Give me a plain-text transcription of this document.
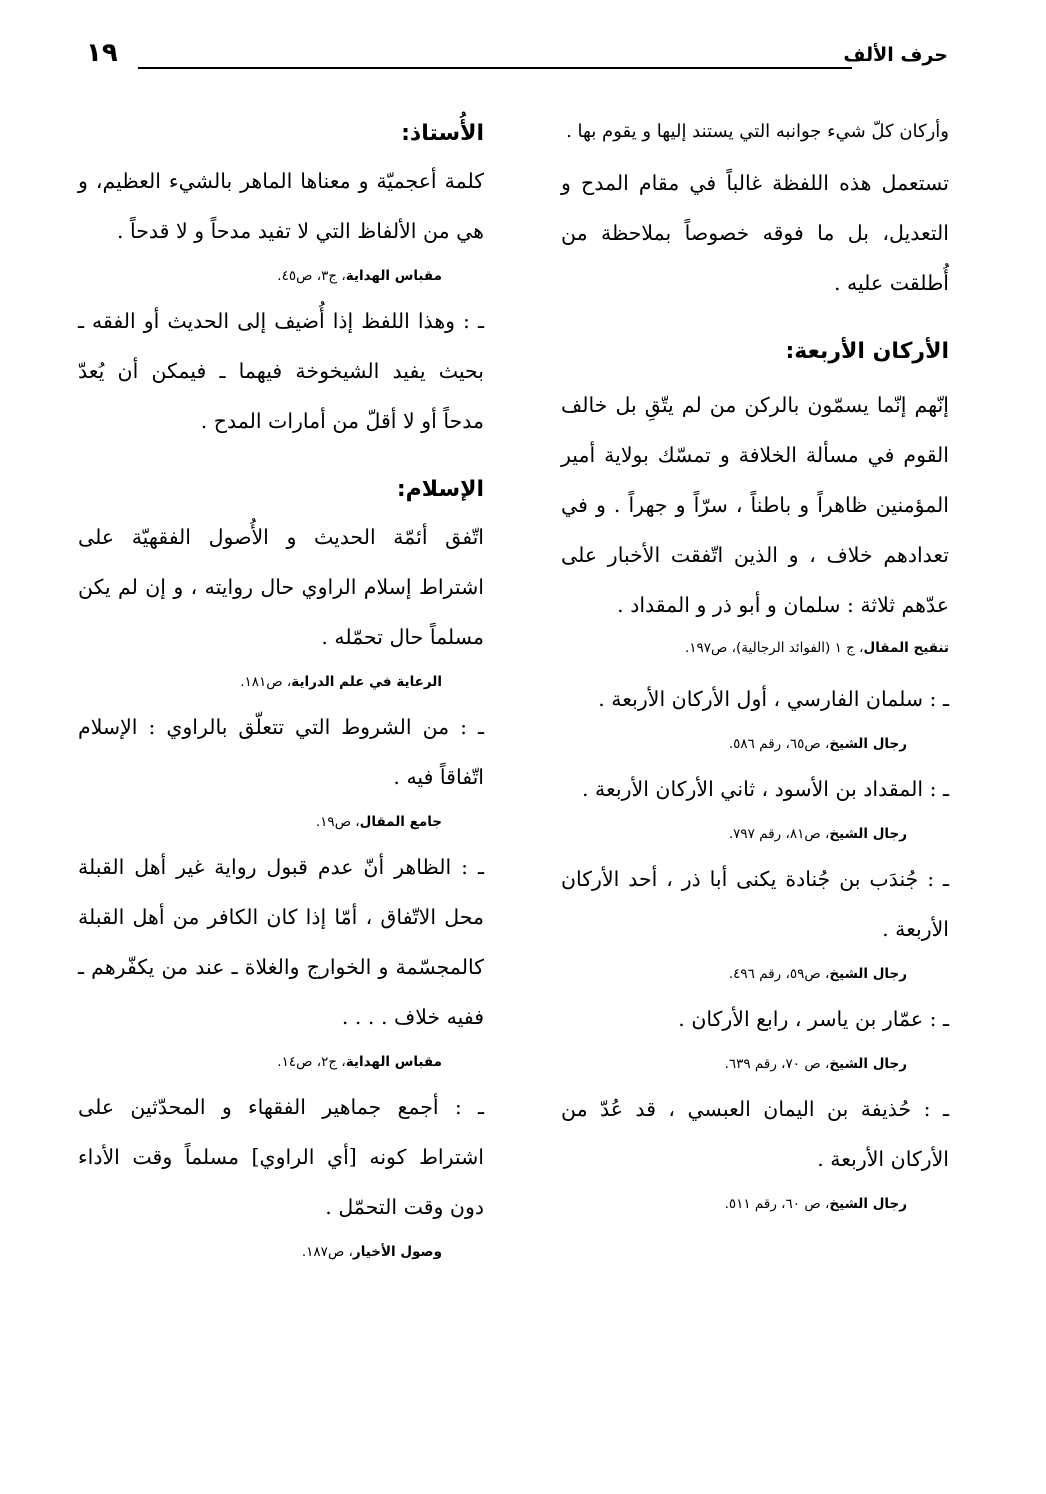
حرف الألف
١٩

وأركان كلّ شيء جوانبه التي يستند إليها و يقوم بها .

تستعمل هذه اللفظة غالباً في مقام المدح و التعديل، بل ما فوقه خصوصاً بملاحظة من أُطلقت عليه .

الأركان الأربعة:

إنّهم إنّما يسمّون بالركن من لم يتّقِ بل خالف القوم في مسألة الخلافة و تمسّك بولاية أمير المؤمنين ظاهراً و باطناً ، سرّاً و جهراً . و في تعدادهم خلاف ، و الذين اتّفقت الأخبار على عدّهم ثلاثة : سلمان و أبو ذر و المقداد .

تنقيح المقال، ج ١ (الفوائد الرجالية)، ص١٩٧.

ـ : سلمان الفارسي ، أول الأركان الأربعة .

رجال الشيخ، ص٦٥، رقم ٥٨٦.

ـ : المقداد بن الأسود ، ثاني الأركان الأربعة .

رجال الشيخ، ص٨١، رقم ٧٩٧.

ـ : جُندَب بن جُنادة يكنى أبا ذر ، أحد الأركان الأربعة .

رجال الشيخ، ص٥٩، رقم ٤٩٦.

ـ : عمّار بن ياسر ، رابع الأركان .

رجال الشيخ، ص ٧٠، رقم ٦٣٩.

ـ : حُذيفة بن اليمان العبسي ، قد عُدّ من الأركان الأربعة .

رجال الشيخ، ص ٦٠، رقم ٥١١.

الأُستاذ:

كلمة أعجميّة و معناها الماهر بالشيء العظيم، و هي من الألفاظ التي لا تفيد مدحاً و لا قدحاً .

مقباس الهداية، ج٣، ص٤٥.

ـ : وهذا اللفظ إذا أُضيف إلى الحديث أو الفقه ـ بحيث يفيد الشيخوخة فيهما ـ فيمكن أن يُعدّ مدحاً أو لا أقلّ من أمارات المدح .

الإسلام:

اتّفق أئمّة الحديث و الأُصول الفقهيّة على اشتراط إسلام الراوي حال روايته ، و إن لم يكن مسلماً حال تحمّله .

الرعاية في علم الدراية، ص١٨١.

ـ : من الشروط التي تتعلّق بالراوي : الإسلام اتّفاقاً فيه .

جامع المقال، ص١٩.

ـ : الظاهر أنّ عدم قبول رواية غير أهل القبلة محل الاتّفاق ، أمّا إذا كان الكافر من أهل القبلة كالمجسّمة و الخوارج والغلاة ـ عند من يكفّرهم ـ ففيه خلاف . . . .

مقباس الهداية، ج٢، ص١٤.

ـ : أجمع جماهير الفقهاء و المحدّثين على اشتراط كونه [أي الراوي] مسلماً وقت الأداء دون وقت التحمّل .

وصول الأخيار، ص١٨٧.
